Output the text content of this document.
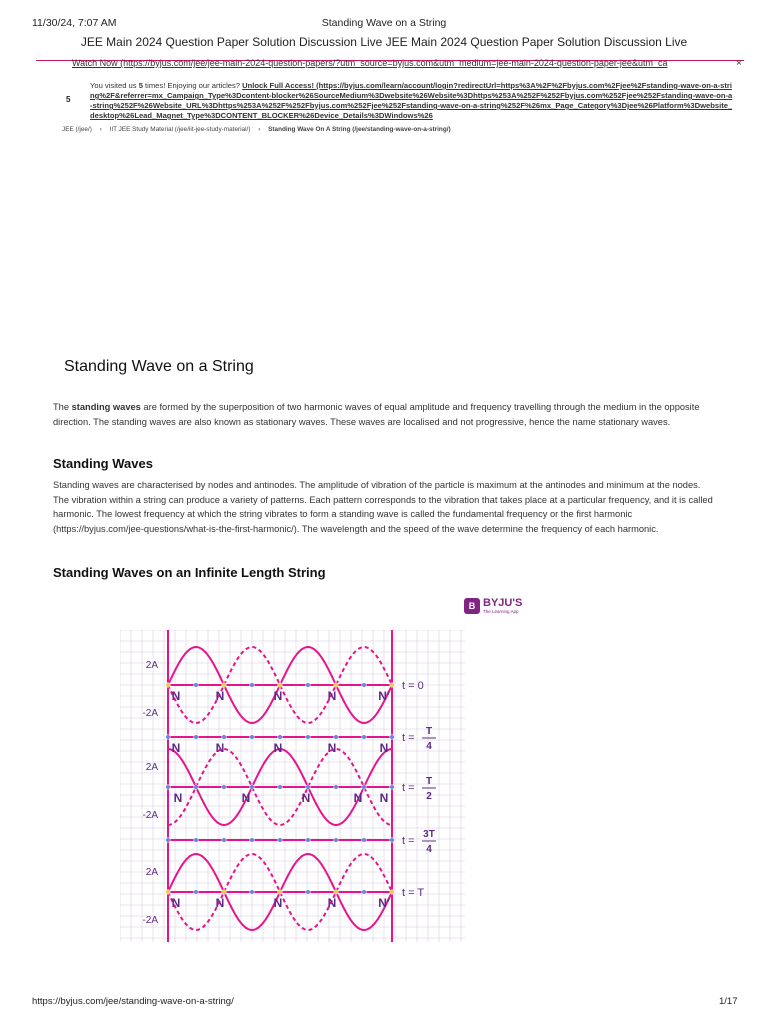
11/30/24, 7:07 AM	Standing Wave on a String
JEE Main 2024 Question Paper Solution Discussion Live JEE Main 2024 Question Paper Solution Discussion Live
Watch Now (https://byjus.com/jee/jee-main-2024-question-papers/?utm_source=byjus.com&utm_medium=jee-main-2024-question-paper-jee&utm_ca	×
5
You visited us 5 times! Enjoying our articles? Unlock Full Access! (https://byjus.com/learn/account/login?redirectUrl=https%3A%2F%2Fbyjus.com%2Fjee%2Fstanding-wave-on-a-string%2F&referrer=mx_Campaign_Type%3Dcontent-blocker%26SourceMedium%3Dwebsite%26Website%3Dhttps%253A%252F%252Fbyjus.com%252Fjee%252Fstanding-wave-on-a-string%252F%26Website_URL%3Dhttps%253A%252F%252Fbyjus.com%252Fjee%252Fstanding-wave-on-a-string%252F%26mx_Page_Category%3Djee%26Platform%3Dwebsite_desktop%26Lead_Magnet_Type%3DCONTENT_BLOCKER%26Device_Details%3DWindows%26
JEE (/jee/) › IIT JEE Study Material (/jee/iit-jee-study-material/) › Standing Wave On A String (/jee/standing-wave-on-a-string/)
Standing Wave on a String

The standing waves are formed by the superposition of two harmonic waves of equal amplitude and frequency travelling through the medium in the opposite direction. The standing waves are also known as stationary waves. These waves are localised and not progressive, hence the name stationary waves.

Standing Waves

Standing waves are characterised by nodes and antinodes. The amplitude of vibration of the particle is maximum at the antinodes and minimum at the nodes. The vibration within a string can produce a variety of patterns. Each pattern corresponds to the vibration that takes place at a particular frequency, and it is called harmonic. The lowest frequency at which the string vibrates to form a standing wave is called the fundamental frequency or the first harmonic (https://byjus.com/jee-questions/what-is-the-first-harmonic/). The wavelength and the speed of the wave determine the frequency of each harmonic.

Standing Waves on an Infinite Length String
B BYJU'S
The Learning App
N	N	N	N	N′
t = 0
N	N	N	N	N
t =
T
4
N	N	N	N N
t =
T
2
t =
3T
4
N	N	N	N	N′
t = T
2A
-2A
2A
-2A
2A
-2A
https://byjus.com/jee/standing-wave-on-a-string/	1/17
